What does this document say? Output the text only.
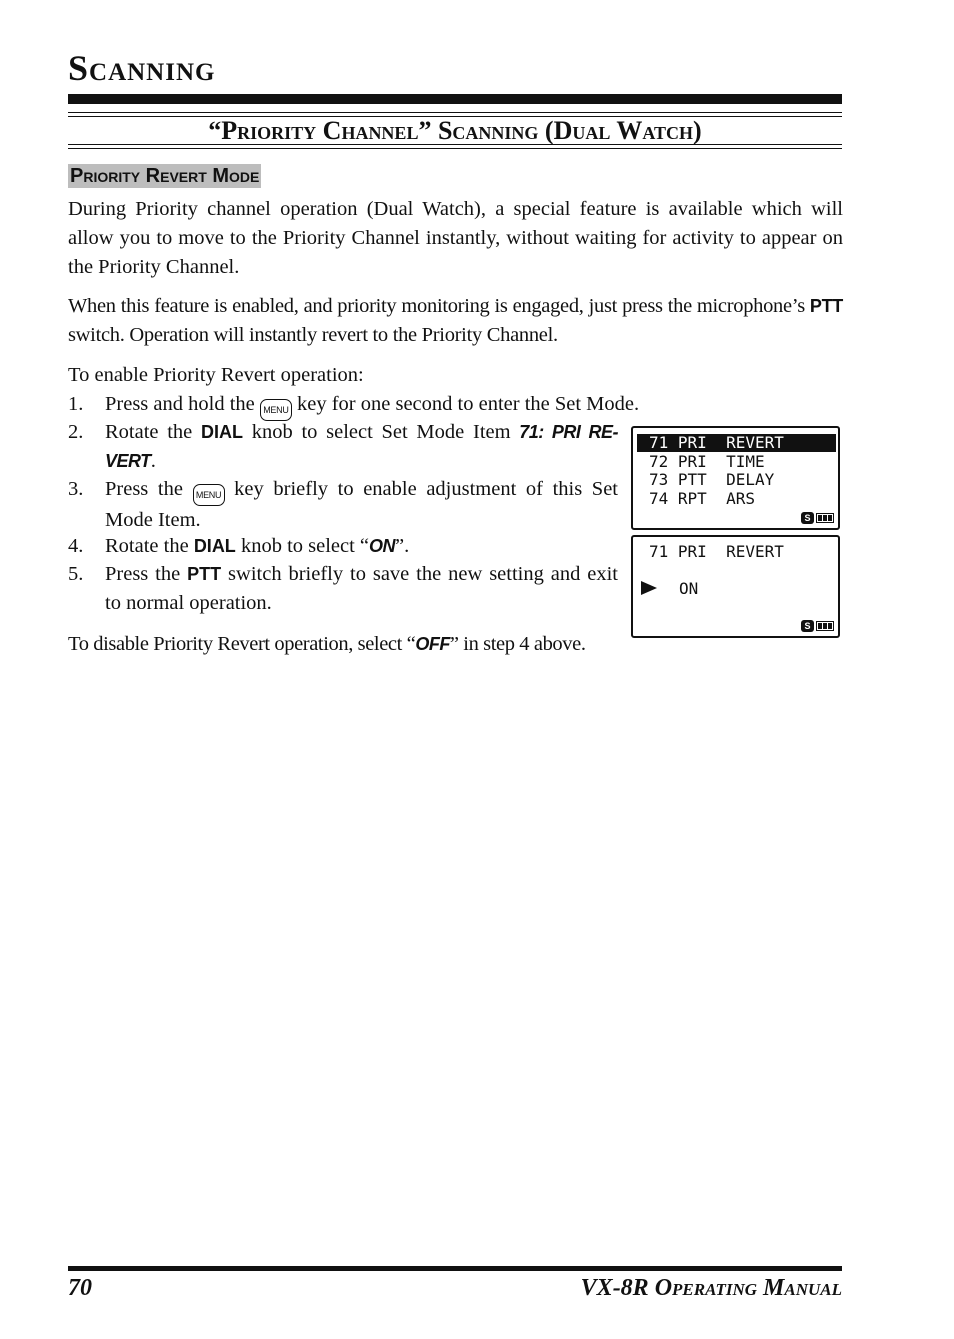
Scanning
“Priority Channel” Scanning (Dual Watch)
Priority Revert Mode
During Priority channel operation (Dual Watch), a special feature is available which will allow you to move to the Priority Channel instantly, without waiting for activity to appear on the Priority Channel.
When this feature is enabled, and priority monitoring is engaged, just press the microphone’s PTT switch. Operation will instantly revert to the Priority Channel.
To enable Priority Revert operation:
1.	Press and hold the MENU key for one second to enter the Set Mode.
2.	Rotate the DIAL knob to select Set Mode Item 71: PRI RE-VERT.
3.	Press the MENU key briefly to enable adjustment of this Set Mode Item.
4.	Rotate the DIAL knob to select “ON”.
5.	Press the PTT switch briefly to save the new setting and exit to normal operation.
To disable Priority Revert operation, select “OFF” in step 4 above.
71 PRI  REVERT
72 PRI  TIME
73 PTT  DELAY
74 RPT  ARS
S
71 PRI  REVERT
ON
S
70	VX-8R Operating Manual
